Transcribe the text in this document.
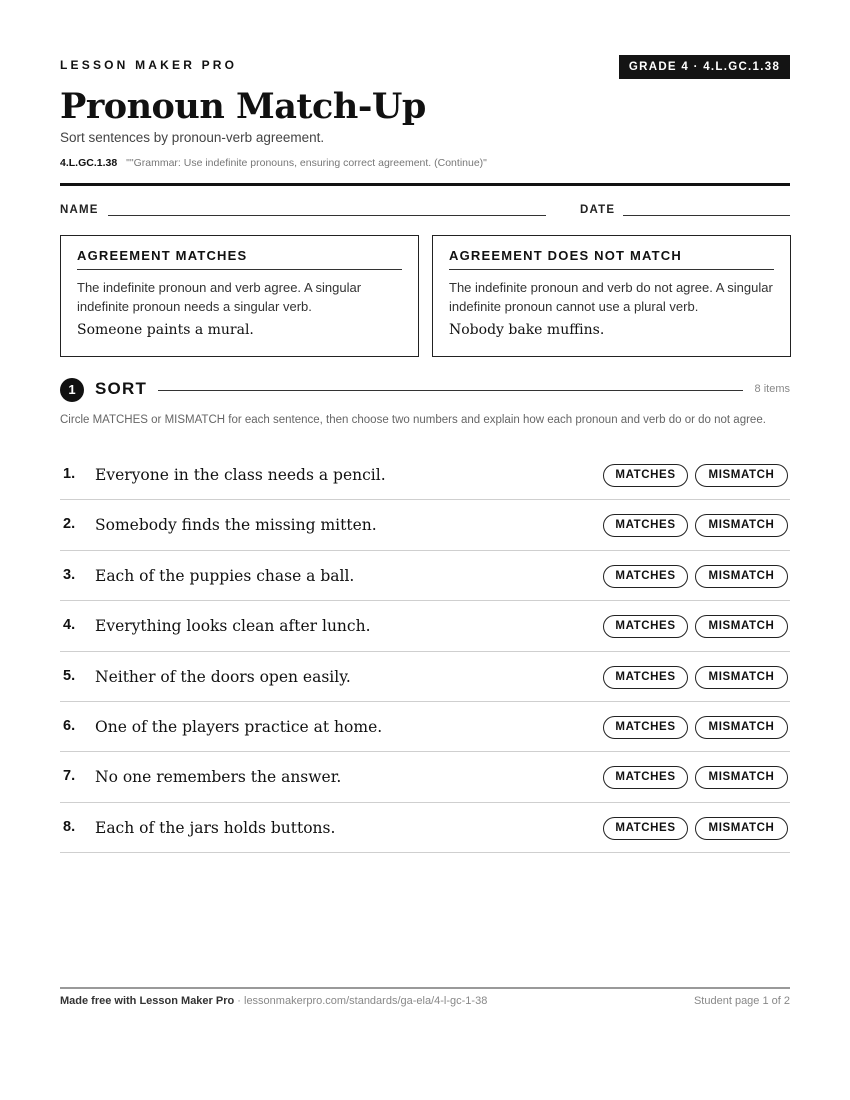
LESSON MAKER PRO	GRADE 4 · 4.L.GC.1.38
Pronoun Match-Up
Sort sentences by pronoun-verb agreement.
4.L.GC.1.38 ""Grammar: Use indefinite pronouns, ensuring correct agreement. (Continue)"
NAME	DATE
AGREEMENT MATCHES
The indefinite pronoun and verb agree. A singular indefinite pronoun needs a singular verb.
Someone paints a mural.
AGREEMENT DOES NOT MATCH
The indefinite pronoun and verb do not agree. A singular indefinite pronoun cannot use a plural verb.
Nobody bake muffins.
1	SORT	8 items
Circle MATCHES or MISMATCH for each sentence, then choose two numbers and explain how each pronoun and verb do or do not agree.
1. Everyone in the class needs a pencil.	MATCHES	MISMATCH
2. Somebody finds the missing mitten.	MATCHES	MISMATCH
3. Each of the puppies chase a ball.	MATCHES	MISMATCH
4. Everything looks clean after lunch.	MATCHES	MISMATCH
5. Neither of the doors open easily.	MATCHES	MISMATCH
6. One of the players practice at home.	MATCHES	MISMATCH
7. No one remembers the answer.	MATCHES	MISMATCH
8. Each of the jars holds buttons.	MATCHES	MISMATCH
Made free with Lesson Maker Pro · lessonmakerpro.com/standards/ga-ela/4-l-gc-1-38	Student page 1 of 2
